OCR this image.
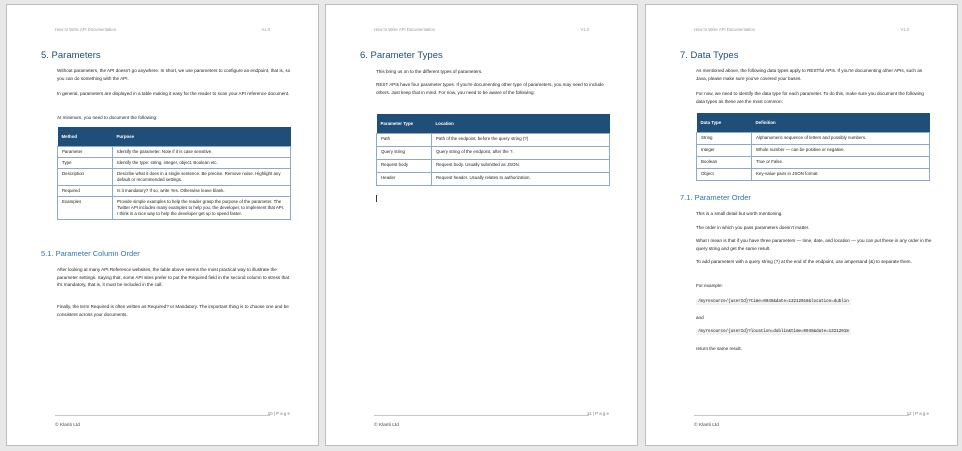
How to Write API Documentation	V1.0
5. Parameters

Without parameters, the API doesn't go anywhere. In short, we use parameters to configure an endpoint, that is, so you can do something with the API.

In general, parameters are displayed in a table making it easy for the reader to scan your API reference document.

At minimum, you need to document the following:

Method	Purpose
Parameter	Identify the parameter. Note if it is case sensitive.
Type	Identify the type: string, integer, object, Boolean etc.
Description	Describe what it does in a single sentence. Be precise. Remove noise. Highlight any default or recommended settings.
Required	Is it mandatory? If so, write Yes. Otherwise leave blank.
Examples	Provide simple examples to help the reader grasp the purpose of the parameter. The Twitter API includes many examples to help you, the developer, to implement that API. I think is a nice way to help the developer get up to speed faster.
5.1. Parameter Column Order

After looking at many API Reference websites, the table above seems the most practical way to illustrate the parameter settings. Saying that, some API sites prefer to put the Required field in the second column to stress that it's mandatory, that is, it must be included in the call.

Finally, the term Required is often written as Required? or Mandatory. The important thing is to choose one and be consistent across your documents.

10 | P a g e
© Klariti Ltd
How to Write API Documentation	V1.0
6. Parameter Types

This bring us on to the different types of parameters.

REST APIs have four parameter types. If you're documenting other type of parameters, you may need to include others. Just keep that in mind. For now, you need to be aware of the following:

Parameter Type	Location
Path	Path of the endpoint, before the query string (?)
Query string	Query string of the endpoint, after the ?.
Request body	Request body. Usually submitted as JSON.
Header	Request header. Usually relates to authorization.
11 | P a g e
© Klariti Ltd
How to Write API Documentation	V1.0
7. Data Types

As mentioned above, the following data types apply to RESTful APIs. If you're documenting other APIs, such as Java, please make sure you've covered your bases.

For now, we need to identify the data type for each parameter. To do this, make sure you document the following data types as these are the most common:

Data Type	Definition
String	Alphanumeric sequence of letters and possibly numbers.
Integer	Whole number — can be positive or negative.
Boolean	True or False.
Object	Key-value pairs in JSON format
7.1. Parameter Order

This is a small detail but worth mentioning.

The order in which you pass parameters doesn't matter.

What I mean is that if you have three parameters — time, date, and location — you can put these in any order in the query string and get the same result.

To add parameters with a query string (?) at the end of the endpoint, use ampersand (&) to separate them.

For example:

/myresource/{userId}?time=0945&date=13212018&location=dublin

and

/myresource/{userId}?location=dublin&time=0945&date=13212018

return the same result.

12 | P a g e
© Klariti Ltd
